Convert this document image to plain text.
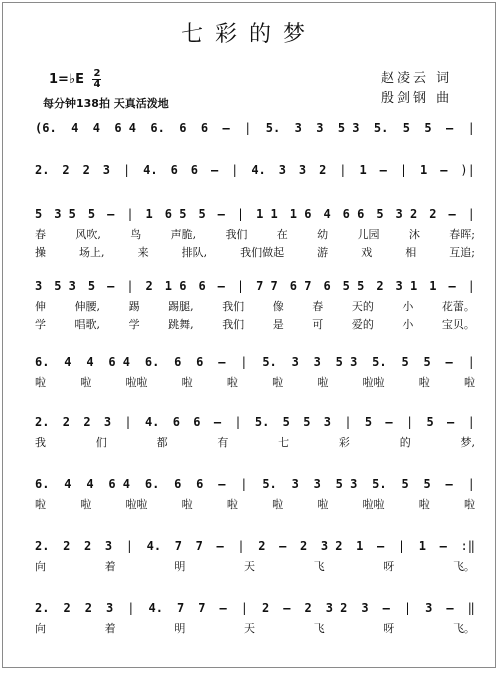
七彩的梦
赵凌云 词
殷剑钢 曲
1=♭E $\frac{2}{4}$
每分钟138拍 天真活泼地
(6. 4 4 6 4 6. 6 6 – | 5. 3 3 5 3 5. 5 5 – |
2. 2 2 3 | 4. 6 6 – | 4. 3 3 2 | 1 – | 1 – )|
5 3 5 5 – | 1 6 5 5 – | 1 1 1 6 4 6 6 5 3 2 2 – |
春	风吹,	鸟	声脆,	我们	在	幼	儿园	沐	春晖;
操	场上,	来	排队,	我们做起	游	戏	相	互追;
3 5 3 5 – | 2 1 6 6 – | 7 7 6 7 6 5 5 2 3 1 1 – |
伸	伸腰,	踢	踢腿,	我们	像	春	天的	小	花蕾。
学	唱歌,	学	跳舞,	我们	是	可	爱的	小	宝贝。
6. 4 4 6 4 6. 6 6 – | 5. 3 3 5 3 5. 5 5 – |
啦	啦	啦啦	啦	啦	啦	啦	啦啦	啦	啦
2. 2 2 3 | 4. 6 6 – | 5. 5 5 3 | 5 – | 5 – |
我	们	都	有	七	彩	的	梦,
6. 4 4 6 4 6. 6 6 – | 5. 3 3 5 3 5. 5 5 – |
啦	啦	啦啦	啦	啦	啦	啦	啦啦	啦	啦
2. 2 2 3 | 4. 7 7 – | 2 – 2 3 2 1 – | 1 – :‖
向	着	明	天	飞	呀	飞。
2. 2 2 3 | 4. 7 7 – | 2 – 2 3 2 3 – | 3 – ‖
向	着	明	天	飞	呀	飞。
